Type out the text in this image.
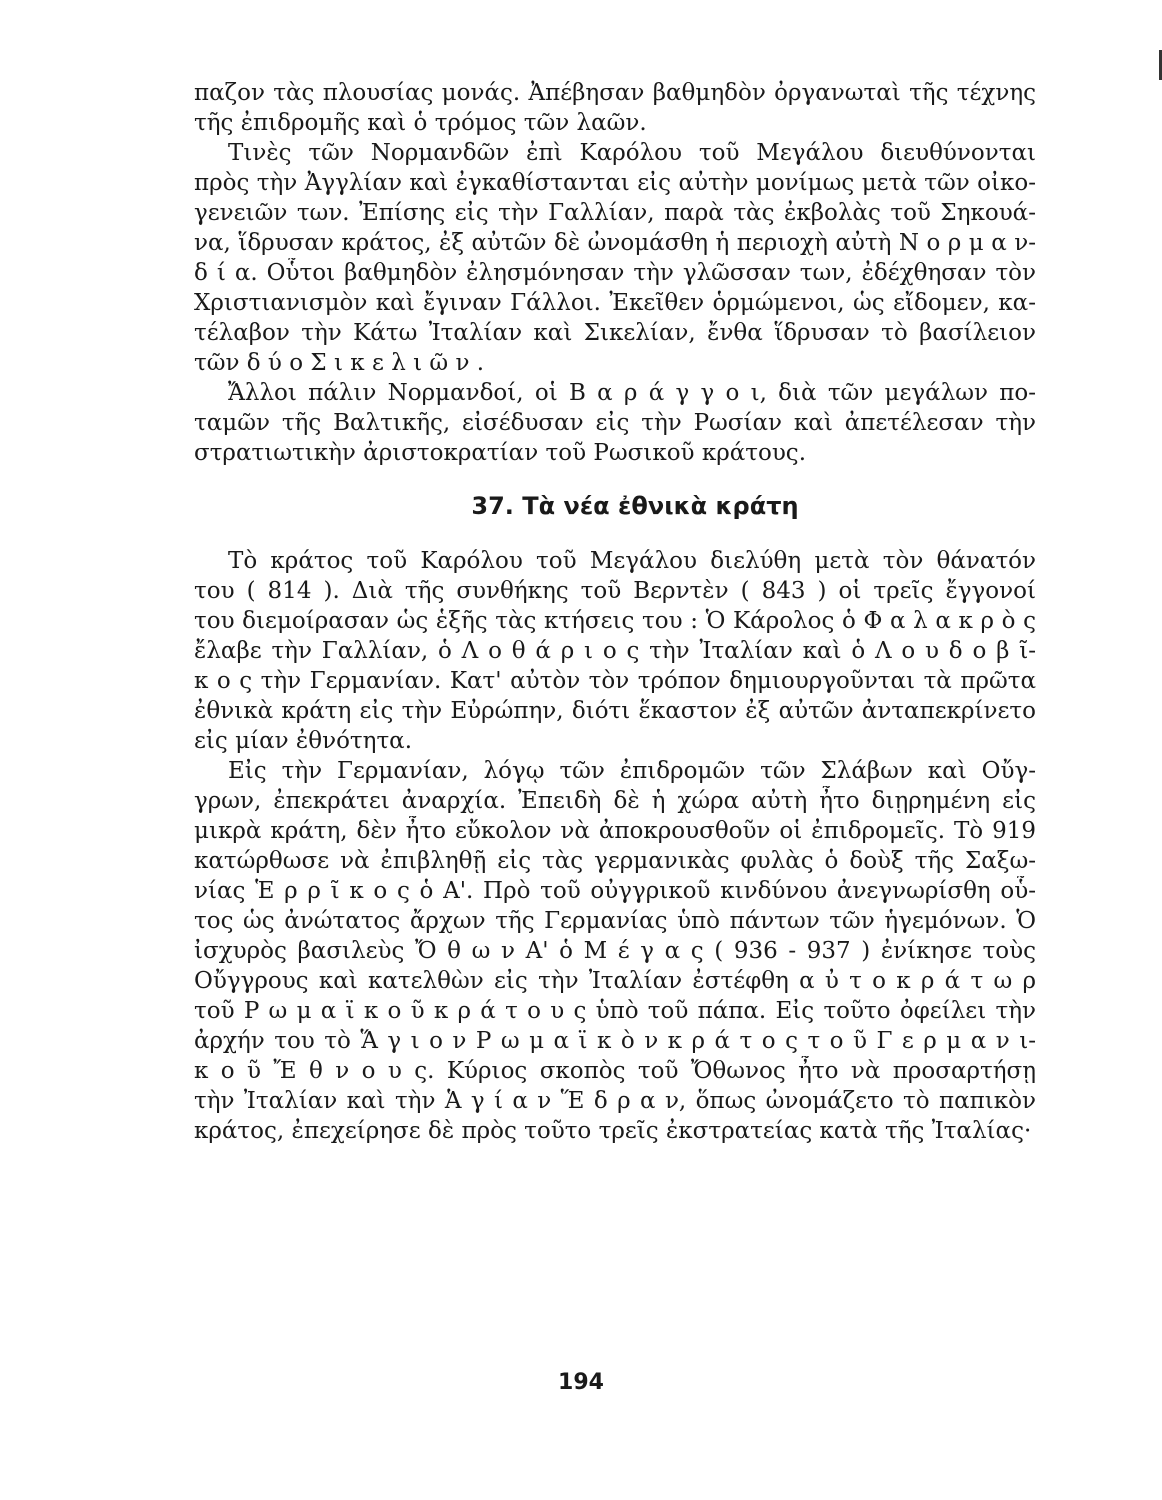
παζον τὰς πλουσίας μονάς. Ἀπέβησαν βαθμηδὸν ὀργανωταὶ τῆς τέχνης
τῆς ἐπιδρομῆς καὶ ὁ τρόμος τῶν λαῶν.
Τινὲς τῶν Νορμανδῶν ἐπὶ Καρόλου τοῦ Μεγάλου διευθύνονται
πρὸς τὴν Ἀγγλίαν καὶ ἐγκαθίστανται εἰς αὐτὴν μονίμως μετὰ τῶν οἰκο-
γενειῶν των. Ἐπίσης εἰς τὴν Γαλλίαν, παρὰ τὰς ἐκβολὰς τοῦ Σηκουά-
να, ἵδρυσαν κράτος, ἐξ αὐτῶν δὲ ὠνομάσθη ἡ περιοχὴ αὐτὴ Ν ο ρ μ α ν-
δ ί α. Οὗτοι βαθμηδὸν ἐλησμόνησαν τὴν γλῶσσαν των, ἐδέχθησαν τὸν
Χριστιανισμὸν καὶ ἔγιναν Γάλλοι. Ἐκεῖθεν ὁρμώμενοι, ὡς εἴδομεν, κα-
τέλαβον τὴν Κάτω Ἰταλίαν καὶ Σικελίαν, ἔνθα ἵδρυσαν τὸ βασίλειον
τῶν δ ύ ο Σ ι κ ε λ ι ῶ ν .
Ἄλλοι πάλιν Νορμανδοί, οἱ Β α ρ ά γ γ ο ι, διὰ τῶν μεγάλων πο-
ταμῶν τῆς Βαλτικῆς, εἰσέδυσαν εἰς τὴν Ρωσίαν καὶ ἀπετέλεσαν τὴν
στρατιωτικὴν ἀριστοκρατίαν τοῦ Ρωσικοῦ κράτους.
37. Τὰ νέα ἐθνικὰ κράτη
Τὸ κράτος τοῦ Καρόλου τοῦ Μεγάλου διελύθη μετὰ τὸν θάνατόν
του ( 814 ). Διὰ τῆς συνθήκης τοῦ Βερντὲν ( 843 ) οἱ τρεῖς ἔγγονοί
του διεμοίρασαν ὡς ἑξῆς τὰς κτήσεις του : Ὁ Κάρολος ὁ Φ α λ α κ ρ ὸ ς
ἔλαβε τὴν Γαλλίαν, ὁ Λ ο θ ά ρ ι ο ς τὴν Ἰταλίαν καὶ ὁ Λ ο υ δ ο β ῖ-
κ ο ς τὴν Γερμανίαν. Κατ' αὐτὸν τὸν τρόπον δημιουργοῦνται τὰ πρῶτα
ἐθνικὰ κράτη εἰς τὴν Εὐρώπην, διότι ἕκαστον ἐξ αὐτῶν ἀνταπεκρίνετο
εἰς μίαν ἐθνότητα.
Εἰς τὴν Γερμανίαν, λόγῳ τῶν ἐπιδρομῶν τῶν Σλάβων καὶ Οὔγ-
γρων, ἐπεκράτει ἀναρχία. Ἐπειδὴ δὲ ἡ χώρα αὐτὴ ἦτο διῃρημένη εἰς
μικρὰ κράτη, δὲν ἦτο εὔκολον νὰ ἀποκρουσθοῦν οἱ ἐπιδρομεῖς. Τὸ 919
κατώρθωσε νὰ ἐπιβληθῇ εἰς τὰς γερμανικὰς φυλὰς ὁ δοὺξ τῆς Σαξω-
νίας Ἑ ρ ρ ῖ κ ο ς ὁ Α'. Πρὸ τοῦ οὐγγρικοῦ κινδύνου ἀνεγνωρίσθη οὗ-
τος ὡς ἀνώτατος ἄρχων τῆς Γερμανίας ὑπὸ πάντων τῶν ἡγεμόνων. Ὁ
ἰσχυρὸς βασιλεὺς Ὄ θ ω ν Α' ὁ Μ έ γ α ς ( 936 - 937 ) ἐνίκησε τοὺς
Οὔγγρους καὶ κατελθὼν εἰς τὴν Ἰταλίαν ἐστέφθη α ὐ τ ο κ ρ ά τ ω ρ
τοῦ Ρ ω μ α ϊ κ ο ῦ κ ρ ά τ ο υ ς ὑπὸ τοῦ πάπα. Εἰς τοῦτο ὀφείλει τὴν
ἀρχήν του τὸ Ἅ γ ι ο ν Ρ ω μ α ϊ κ ὸ ν κ ρ ά τ ο ς τ ο ῦ Γ ε ρ μ α ν ι-
κ ο ῦ Ἔ θ ν ο υ ς. Κύριος σκοπὸς τοῦ Ὄθωνος ἦτο νὰ προσαρτήσῃ
τὴν Ἰταλίαν καὶ τὴν Ἁ γ ί α ν Ἕ δ ρ α ν, ὅπως ὠνομάζετο τὸ παπικὸν
κράτος, ἐπεχείρησε δὲ πρὸς τοῦτο τρεῖς ἐκστρατείας κατὰ τῆς Ἰταλίας·
194
